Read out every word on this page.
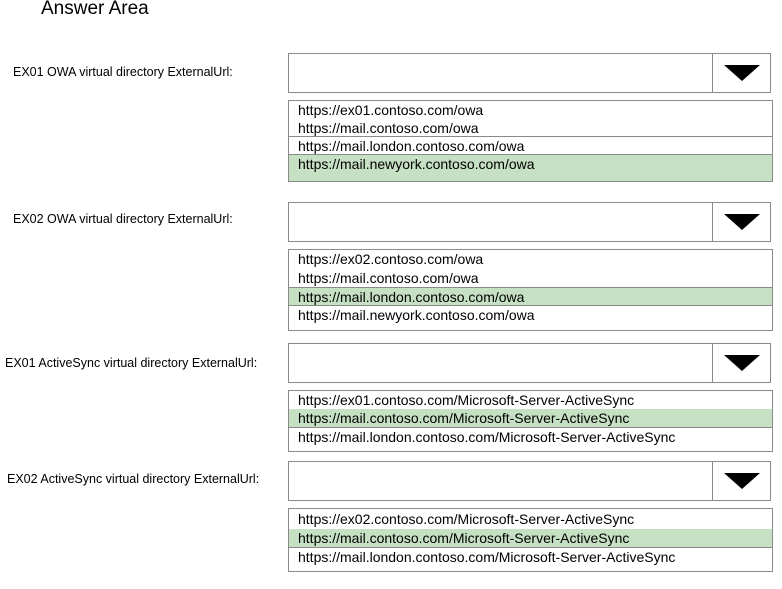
Answer Area
EX01 OWA virtual directory ExternalUrl:
https://ex01.contoso.com/owa
https://mail.contoso.com/owa
https://mail.london.contoso.com/owa
https://mail.newyork.contoso.com/owa
EX02 OWA virtual directory ExternalUrl:
https://ex02.contoso.com/owa
https://mail.contoso.com/owa
https://mail.london.contoso.com/owa
https://mail.newyork.contoso.com/owa
EX01 ActiveSync virtual directory ExternalUrl:
https://ex01.contoso.com/Microsoft-Server-ActiveSync
https://mail.contoso.com/Microsoft-Server-ActiveSync
https://mail.london.contoso.com/Microsoft-Server-ActiveSync
EX02 ActiveSync virtual directory ExternalUrl:
https://ex02.contoso.com/Microsoft-Server-ActiveSync
https://mail.contoso.com/Microsoft-Server-ActiveSync
https://mail.london.contoso.com/Microsoft-Server-ActiveSync
